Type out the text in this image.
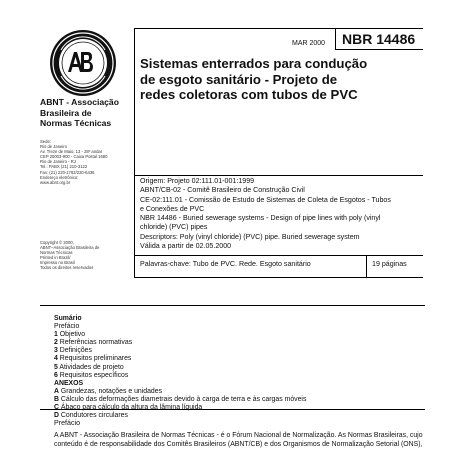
ABNT - Associação
Brasileira de
Normas Técnicas
Sede:
Rio de Janeiro
Av. Treze de Maio, 13 - 28º andar
CEP 20003-900 - Caixa Postal 1680
Rio de Janeiro - RJ
Tel.: PABX (21) 210-3122
Fax: (21) 220-1762/220-6436
Endereço eletrônico:
www.abnt.org.br
Copyright © 2000,
ABNT–Associação Brasileira de
Normas Técnicas
Printed in Brazil/
Impresso no Brasil
Todos os direitos reservados
MAR 2000 NBR 14486
Sistemas enterrados para condução
de esgoto sanitário - Projeto de
redes coletoras com tubos de PVC
Origem: Projeto 02:111.01-001:1999
ABNT/CB-02 - Comitê Brasileiro de Construção Civil
CE-02:111.01 - Comissão de Estudo de Sistemas de Coleta de Esgotos - Tubos
e Conexões de PVC
NBR 14486 - Buried sewerage systems - Design of pipe lines with poly (vinyl
chloride) (PVC) pipes
Descriptors: Poly (vinyl chloride) (PVC) pipe. Buried sewerage system
Válida a partir de 02.05.2000
Palavras-chave: Tubo de PVC. Rede. Esgoto sanitário	19 páginas
Sumário
Prefácio
1 Objetivo
2 Referências normativas
3 Definições
4 Requisitos preliminares
5 Atividades de projeto
6 Requisitos específicos
ANEXOS
A Grandezas, notações e unidades
B Cálculo das deformações diametrais devido à carga de terra e às cargas móveis
C Ábaco para cálculo da altura da lâmina líquida
D Condutores circulares
Prefácio
A ABNT - Associação Brasileira de Normas Técnicas - é o Fórum Nacional de Normalização. As Normas Brasileiras, cujo
conteúdo é de responsabilidade dos Comitês Brasileiros (ABNT/CB) e dos Organismos de Normalização Setorial (ONS),
